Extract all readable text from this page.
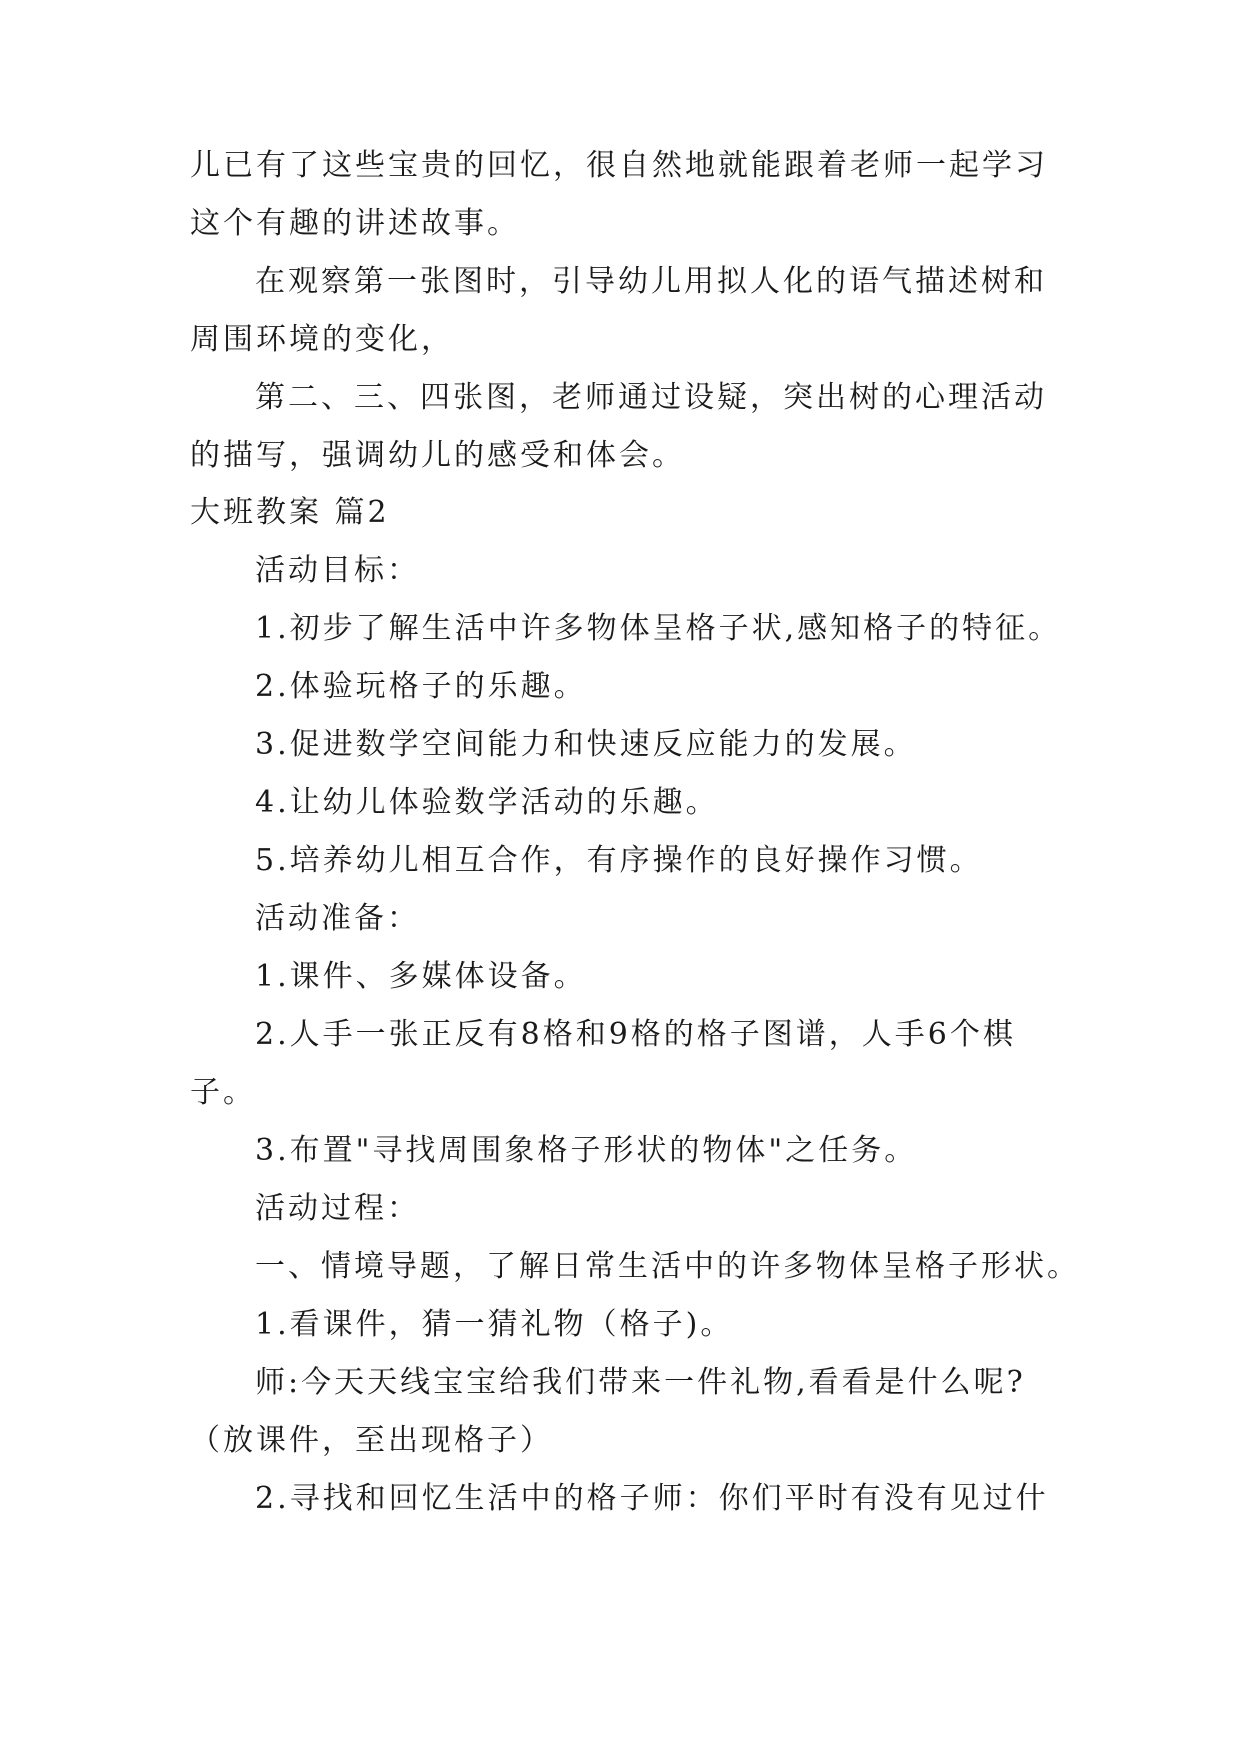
儿已有了这些宝贵的回忆，很自然地就能跟着老师一起学习
这个有趣的讲述故事。
在观察第一张图时，引导幼儿用拟人化的语气描述树和
周围环境的变化，
第二、三、四张图，老师通过设疑，突出树的心理活动
的描写，强调幼儿的感受和体会。
大班教案 篇2
活动目标：
1.初步了解生活中许多物体呈格子状,感知格子的特征。
2.体验玩格子的乐趣。
3.促进数学空间能力和快速反应能力的发展。
4.让幼儿体验数学活动的乐趣。
5.培养幼儿相互合作，有序操作的良好操作习惯。
活动准备：
1.课件、多媒体设备。
2.人手一张正反有8格和9格的格子图谱，人手6个棋
子。
3.布置"寻找周围象格子形状的物体"之任务。
活动过程：
一、情境导题，了解日常生活中的许多物体呈格子形状。
1.看课件，猜一猜礼物（格子)。
师:今天天线宝宝给我们带来一件礼物,看看是什么呢?
（放课件，至出现格子）
2.寻找和回忆生活中的格子师：你们平时有没有见过什
